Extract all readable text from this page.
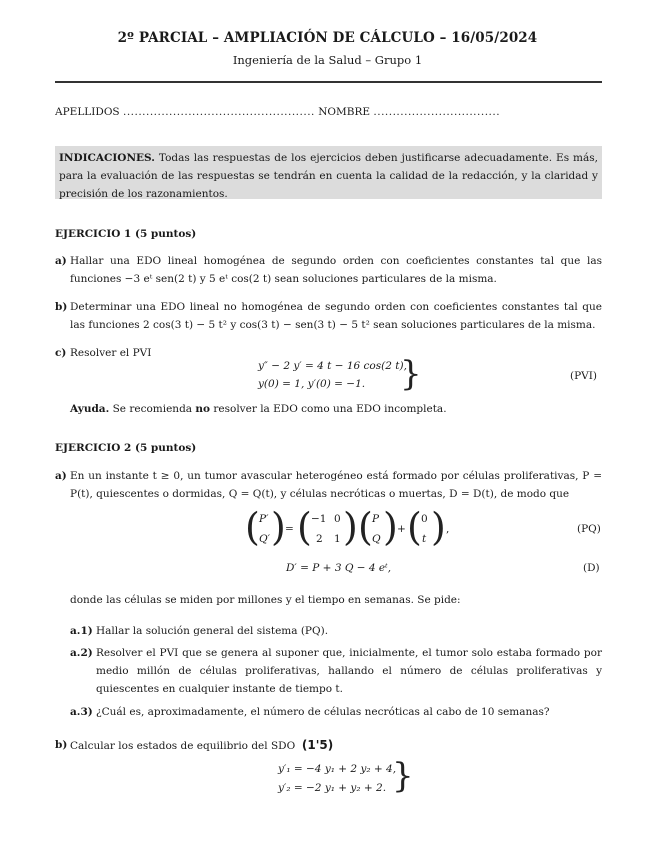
2º PARCIAL – AMPLIACIÓN DE CÁLCULO – 16/05/2024
Ingeniería de la Salud – Grupo 1
APELLIDOS .................................................. NOMBRE .................................
INDICACIONES. Todas las respuestas de los ejercicios deben justificarse adecuadamente. Es más, para la evaluación de las respuestas se tendrán en cuenta la calidad de la redacción, y la claridad y precisión de los razonamientos.
EJERCICIO 1 (5 puntos)
a) Hallar una EDO lineal homogénea de segundo orden con coeficientes constantes tal que las funciones −3 eᵗ sen(2 t) y 5 eᵗ cos(2 t) sean soluciones particulares de la misma.
b) Determinar una EDO lineal no homogénea de segundo orden con coeficientes constantes tal que las funciones 2 cos(3 t) − 5 t² y cos(3 t) − sen(3 t) − 5 t² sean soluciones particulares de la misma.
c) Resolver el PVI
y″ − 2 y′ = 4 t − 16 cos(2 t),
y(0) = 1, y′(0) = −1. }	(PVI)
Ayuda. Se recomienda no resolver la EDO como una EDO incompleta.
EJERCICIO 2 (5 puntos)
a) En un instante t ≥ 0, un tumor avascular heterogéneo está formado por células proliferativas, P = P(t), quiescentes o dormidas, Q = Q(t), y células necróticas o muertas, D = D(t), de modo que
( P′
Q′ ) = ( −1 0
2 1 ) ( P
Q ) + ( 0
t ) ,	(PQ)
D′ = P + 3 Q − 4 eᵗ,	(D)
donde las células se miden por millones y el tiempo en semanas. Se pide:
a.1) Hallar la solución general del sistema (PQ).
a.2) Resolver el PVI que se genera al suponer que, inicialmente, el tumor solo estaba formado por medio millón de células proliferativas, hallando el número de células proliferativas y quiescentes en cualquier instante de tiempo t.
a.3) ¿Cuál es, aproximadamente, el número de células necróticas al cabo de 10 semanas?
b) Calcular los estados de equilibrio del SDO (1'5)
y′₁ = −4 y₁ + 2 y₂ + 4,
y′₂ = −2 y₁ + y₂ + 2. }
